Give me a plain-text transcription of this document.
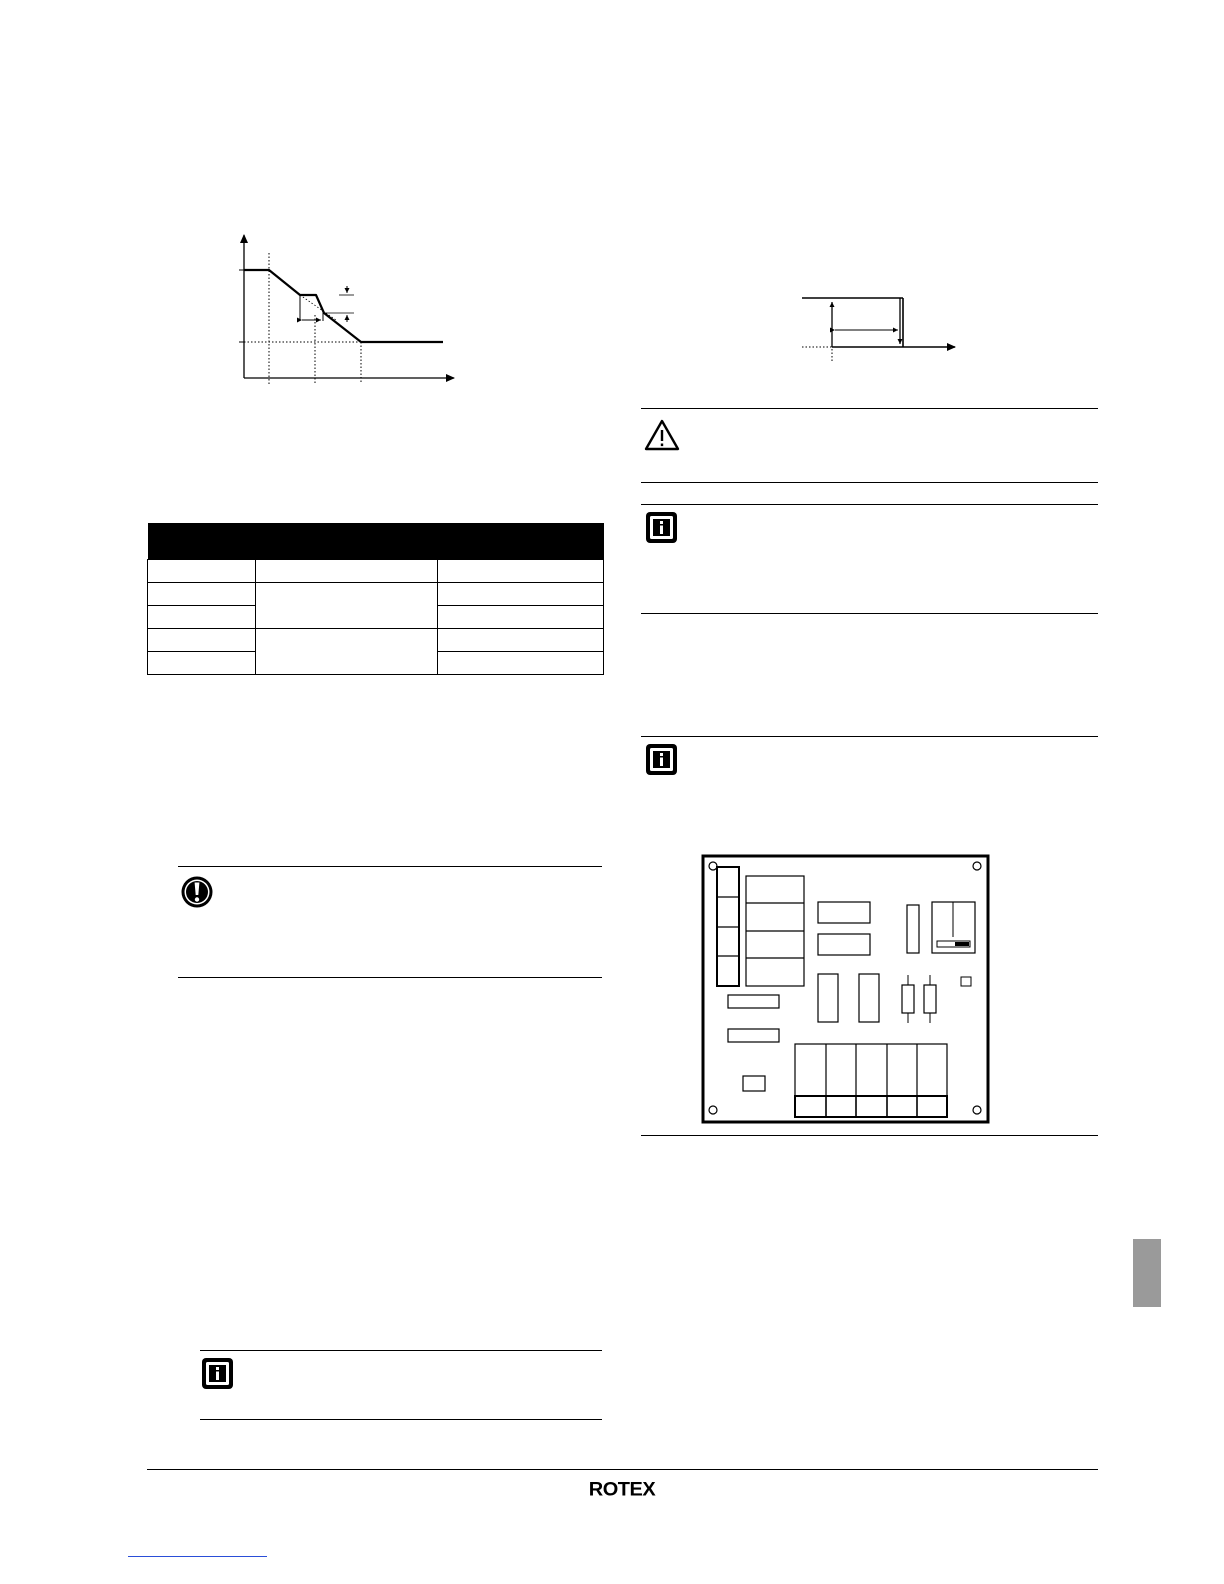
ROTEX
